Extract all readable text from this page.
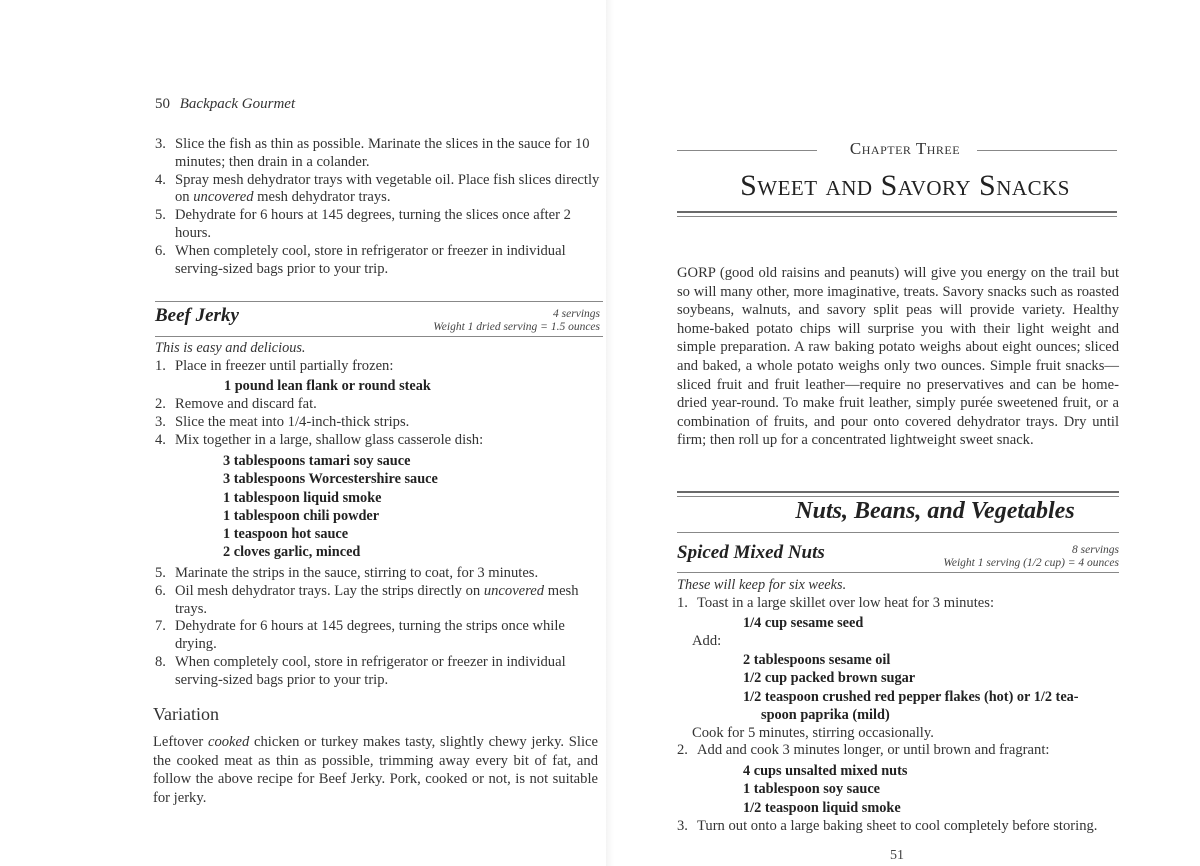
50 Backpack Gourmet
3. Slice the fish as thin as possible. Marinate the slices in the sauce for 10 minutes; then drain in a colander.
4. Spray mesh dehydrator trays with vegetable oil. Place fish slices directly on uncovered mesh dehydrator trays.
5. Dehydrate for 6 hours at 145 degrees, turning the slices once after 2 hours.
6. When completely cool, store in refrigerator or freezer in individual serving-sized bags prior to your trip.
Beef Jerky	4 servings
Weight 1 dried serving = 1.5 ounces
This is easy and delicious.
1. Place in freezer until partially frozen:
1 pound lean flank or round steak
2. Remove and discard fat.
3. Slice the meat into 1/4-inch-thick strips.
4. Mix together in a large, shallow glass casserole dish:
3 tablespoons tamari soy sauce
3 tablespoons Worcestershire sauce
1 tablespoon liquid smoke
1 tablespoon chili powder
1 teaspoon hot sauce
2 cloves garlic, minced
5. Marinate the strips in the sauce, stirring to coat, for 3 minutes.
6. Oil mesh dehydrator trays. Lay the strips directly on uncovered mesh trays.
7. Dehydrate for 6 hours at 145 degrees, turning the strips once while drying.
8. When completely cool, store in refrigerator or freezer in individual serving-sized bags prior to your trip.
Variation

Leftover cooked chicken or turkey makes tasty, slightly chewy jerky. Slice the cooked meat as thin as possible, trimming away every bit of fat, and follow the above recipe for Beef Jerky. Pork, cooked or not, is not suitable for jerky.

Chapter Three
Sweet and Savory Snacks

GORP (good old raisins and peanuts) will give you energy on the trail but so will many other, more imaginative, treats. Savory snacks such as roasted soybeans, walnuts, and savory split peas will provide variety. Healthy home-baked potato chips will surprise you with their light weight and simple preparation. A raw baking potato weighs about eight ounces; sliced and baked, a whole potato weighs only two ounces. Simple fruit snacks—sliced fruit and fruit leather—require no preservatives and can be home-dried year-round. To make fruit leather, simply purée sweetened fruit, or a combination of fruits, and pour onto covered dehydrator trays. Dry until firm; then roll up for a concentrated lightweight sweet snack.

Nuts, Beans, and Vegetables
Spiced Mixed Nuts	8 servings
Weight 1 serving (1/2 cup) = 4 ounces
These will keep for six weeks.
1. Toast in a large skillet over low heat for 3 minutes:
1/4 cup sesame seed
Add:
2 tablespoons sesame oil
1/2 cup packed brown sugar
1/2 teaspoon crushed red pepper flakes (hot) or 1/2 tea-
spoon paprika (mild)
Cook for 5 minutes, stirring occasionally.
2. Add and cook 3 minutes longer, or until brown and fragrant:
4 cups unsalted mixed nuts
1 tablespoon soy sauce
1/2 teaspoon liquid smoke
3. Turn out onto a large baking sheet to cool completely before storing.
51
